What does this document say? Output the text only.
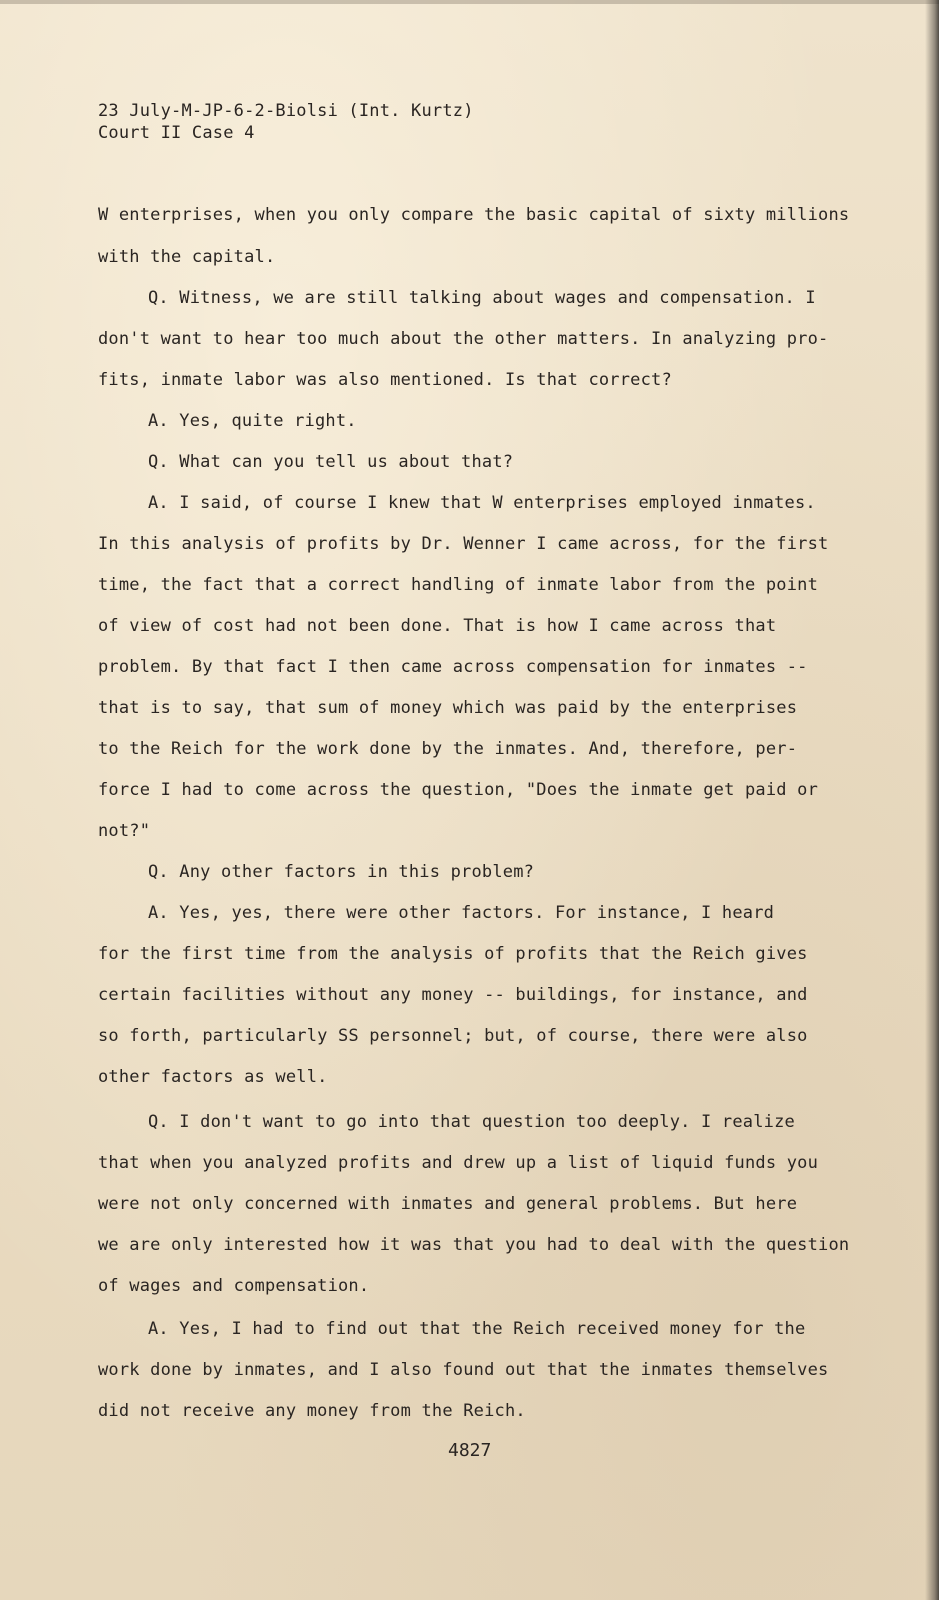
23 July-M-JP-6-2-Biolsi (Int. Kurtz)
Court II Case 4
W enterprises, when you only compare the basic capital of sixty millions
with the capital.
Q. Witness, we are still talking about wages and compensation. I
don't want to hear too much about the other matters. In analyzing pro-
fits, inmate labor was also mentioned. Is that correct?
A. Yes, quite right.
Q. What can you tell us about that?
A. I said, of course I knew that W enterprises employed inmates.
In this analysis of profits by Dr. Wenner I came across, for the first
time, the fact that a correct handling of inmate labor from the point
of view of cost had not been done. That is how I came across that
problem. By that fact I then came across compensation for inmates --
that is to say, that sum of money which was paid by the enterprises
to the Reich for the work done by the inmates. And, therefore, per-
force I had to come across the question, "Does the inmate get paid or
not?"
Q. Any other factors in this problem?
A. Yes, yes, there were other factors. For instance, I heard
for the first time from the analysis of profits that the Reich gives
certain facilities without any money -- buildings, for instance, and
so forth, particularly SS personnel; but, of course, there were also
other factors as well.
Q. I don't want to go into that question too deeply. I realize
that when you analyzed profits and drew up a list of liquid funds you
were not only concerned with inmates and general problems. But here
we are only interested how it was that you had to deal with the question
of wages and compensation.
A. Yes, I had to find out that the Reich received money for the
work done by inmates, and I also found out that the inmates themselves
did not receive any money from the Reich.
4827
